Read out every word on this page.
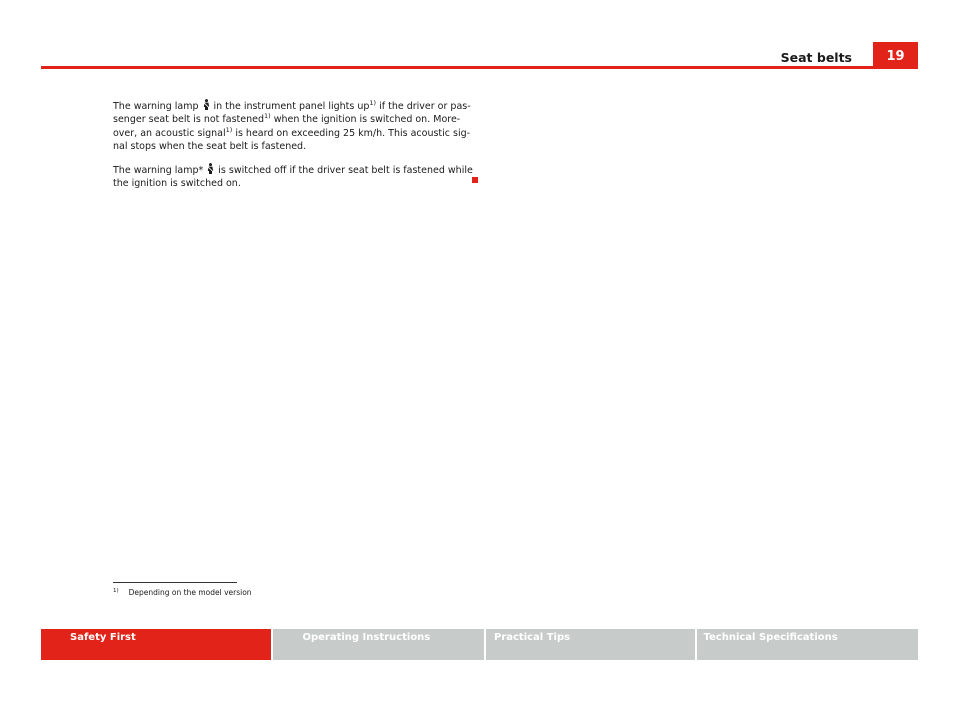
Seat belts	19

The warning lamp  in the instrument panel lights $up^{1)}$ if the driver or pas-
senger seat belt is not fastened$^{1)}$ when the ignition is switched on. More-
over, an acoustic signal$^{1)}$ is heard on exceeding 25 km/h. This acoustic sig-
nal stops when the seat belt is fastened.

The warning lamp*  is switched off if the driver seat belt is fastened while
the ignition is switched on.

$^{1)}$ Depending on the model version
Safety First	Operating Instructions	Practical Tips	Technical Specifications
